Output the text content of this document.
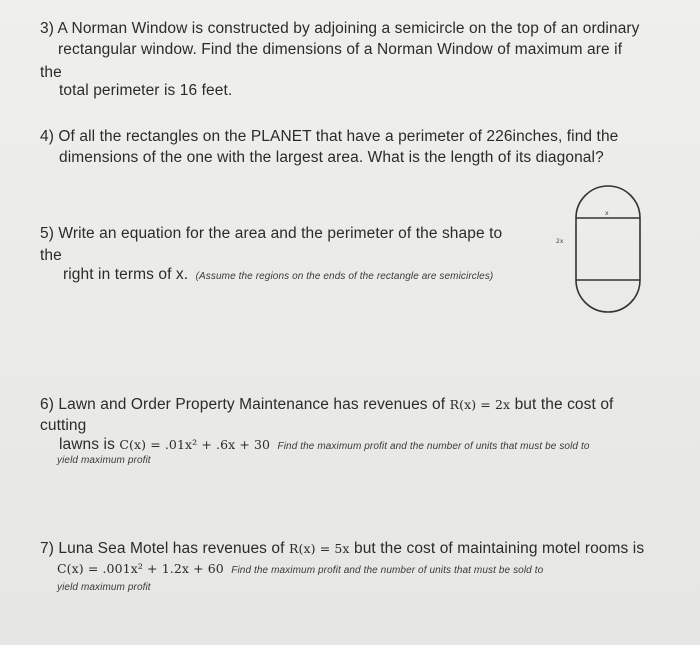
3) A Norman Window is constructed by adjoining a semicircle on the top of an ordinary
rectangular window. Find the dimensions of a Norman Window of maximum are if
the
total perimeter is 16 feet.
4) Of all the rectangles on the PLANET that have a perimeter of 226inches, find the
dimensions of the one with the largest area. What is the length of its diagonal?
5) Write an equation for the area and the perimeter of the shape to
the
right in terms of x. (Assume the regions on the ends of the rectangle are semicircles)
x
2x
6) Lawn and Order Property Maintenance has revenues of R(x) = 2x but the cost of
cutting
lawns is C(x) = .01x² + .6x + 30 Find the maximum profit and the number of units that must be sold to
yield maximum profit
7) Luna Sea Motel has revenues of R(x) = 5x but the cost of maintaining motel rooms is
C(x) = .001x² + 1.2x + 60 Find the maximum profit and the number of units that must be sold to
yield maximum profit
